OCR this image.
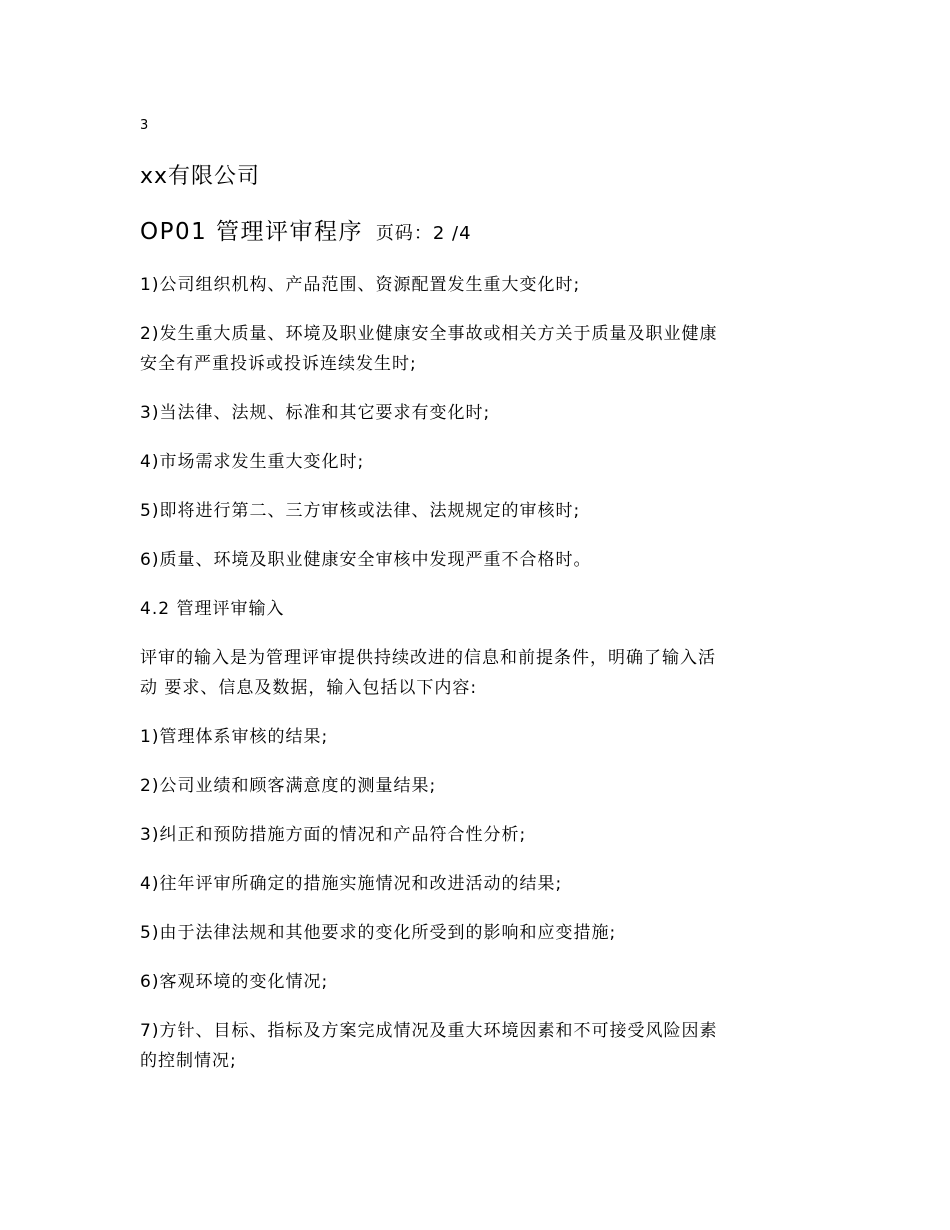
3
xx有限公司
OP01 管理评审程序 页码：2 /4
1)公司组织机构、产品范围、资源配置发生重大变化时;
2)发生重大质量、环境及职业健康安全事故或相关方关于质量及职业健康
安全有严重投诉或投诉连续发生时;
3)当法律、法规、标准和其它要求有变化时;
4)市场需求发生重大变化时;
5)即将进行第二、三方审核或法律、法规规定的审核时;
6)质量、环境及职业健康安全审核中发现严重不合格时。
4.2 管理评审输入
评审的输入是为管理评审提供持续改进的信息和前提条件，明确了输入活
动 要求、信息及数据，输入包括以下内容:
1)管理体系审核的结果;
2)公司业绩和顾客满意度的测量结果;
3)纠正和预防措施方面的情况和产品符合性分析;
4)往年评审所确定的措施实施情况和改进活动的结果;
5)由于法律法规和其他要求的变化所受到的影响和应变措施;
6)客观环境的变化情况;
7)方针、目标、指标及方案完成情况及重大环境因素和不可接受风险因素
的控制情况;
